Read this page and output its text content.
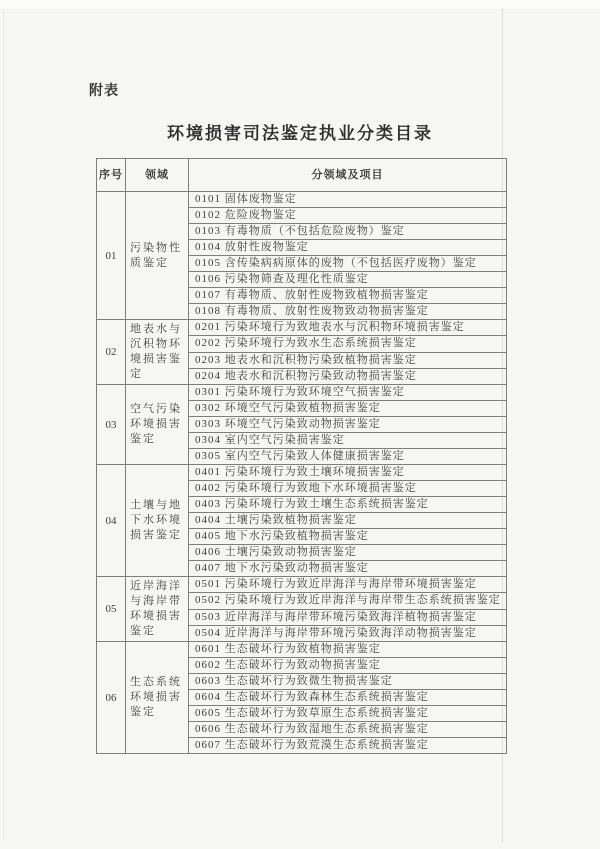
附表
环境损害司法鉴定执业分类目录
序号	领域	分领域及项目
01	污染物性质鉴定	0101 固体废物鉴定
		0102 危险废物鉴定
		0103 有毒物质（不包括危险废物）鉴定
		0104 放射性废物鉴定
		0105 含传染病病原体的废物（不包括医疗废物）鉴定
		0106 污染物筛查及理化性质鉴定
		0107 有毒物质、放射性废物致植物损害鉴定
		0108 有毒物质、放射性废物致动物损害鉴定
02	地表水与沉积物环境损害鉴定	0201 污染环境行为致地表水与沉积物环境损害鉴定
		0202 污染环境行为致水生态系统损害鉴定
		0203 地表水和沉积物污染致植物损害鉴定
		0204 地表水和沉积物污染致动物损害鉴定
03	空气污染环境损害鉴定	0301 污染环境行为致环境空气损害鉴定
		0302 环境空气污染致植物损害鉴定
		0303 环境空气污染致动物损害鉴定
		0304 室内空气污染损害鉴定
		0305 室内空气污染致人体健康损害鉴定
04	土壤与地下水环境损害鉴定	0401 污染环境行为致土壤环境损害鉴定
		0402 污染环境行为致地下水环境损害鉴定
		0403 污染环境行为致土壤生态系统损害鉴定
		0404 土壤污染致植物损害鉴定
		0405 地下水污染致植物损害鉴定
		0406 土壤污染致动物损害鉴定
		0407 地下水污染致动物损害鉴定
05	近岸海洋与海岸带环境损害鉴定	0501 污染环境行为致近岸海洋与海岸带环境损害鉴定
		0502 污染环境行为致近岸海洋与海岸带生态系统损害鉴定
		0503 近岸海洋与海岸带环境污染致海洋植物损害鉴定
		0504 近岸海洋与海岸带环境污染致海洋动物损害鉴定
06	生态系统环境损害鉴定	0601 生态破坏行为致植物损害鉴定
		0602 生态破坏行为致动物损害鉴定
		0603 生态破坏行为致微生物损害鉴定
		0604 生态破坏行为致森林生态系统损害鉴定
		0605 生态破坏行为致草原生态系统损害鉴定
		0606 生态破坏行为致湿地生态系统损害鉴定
		0607 生态破坏行为致荒漠生态系统损害鉴定
